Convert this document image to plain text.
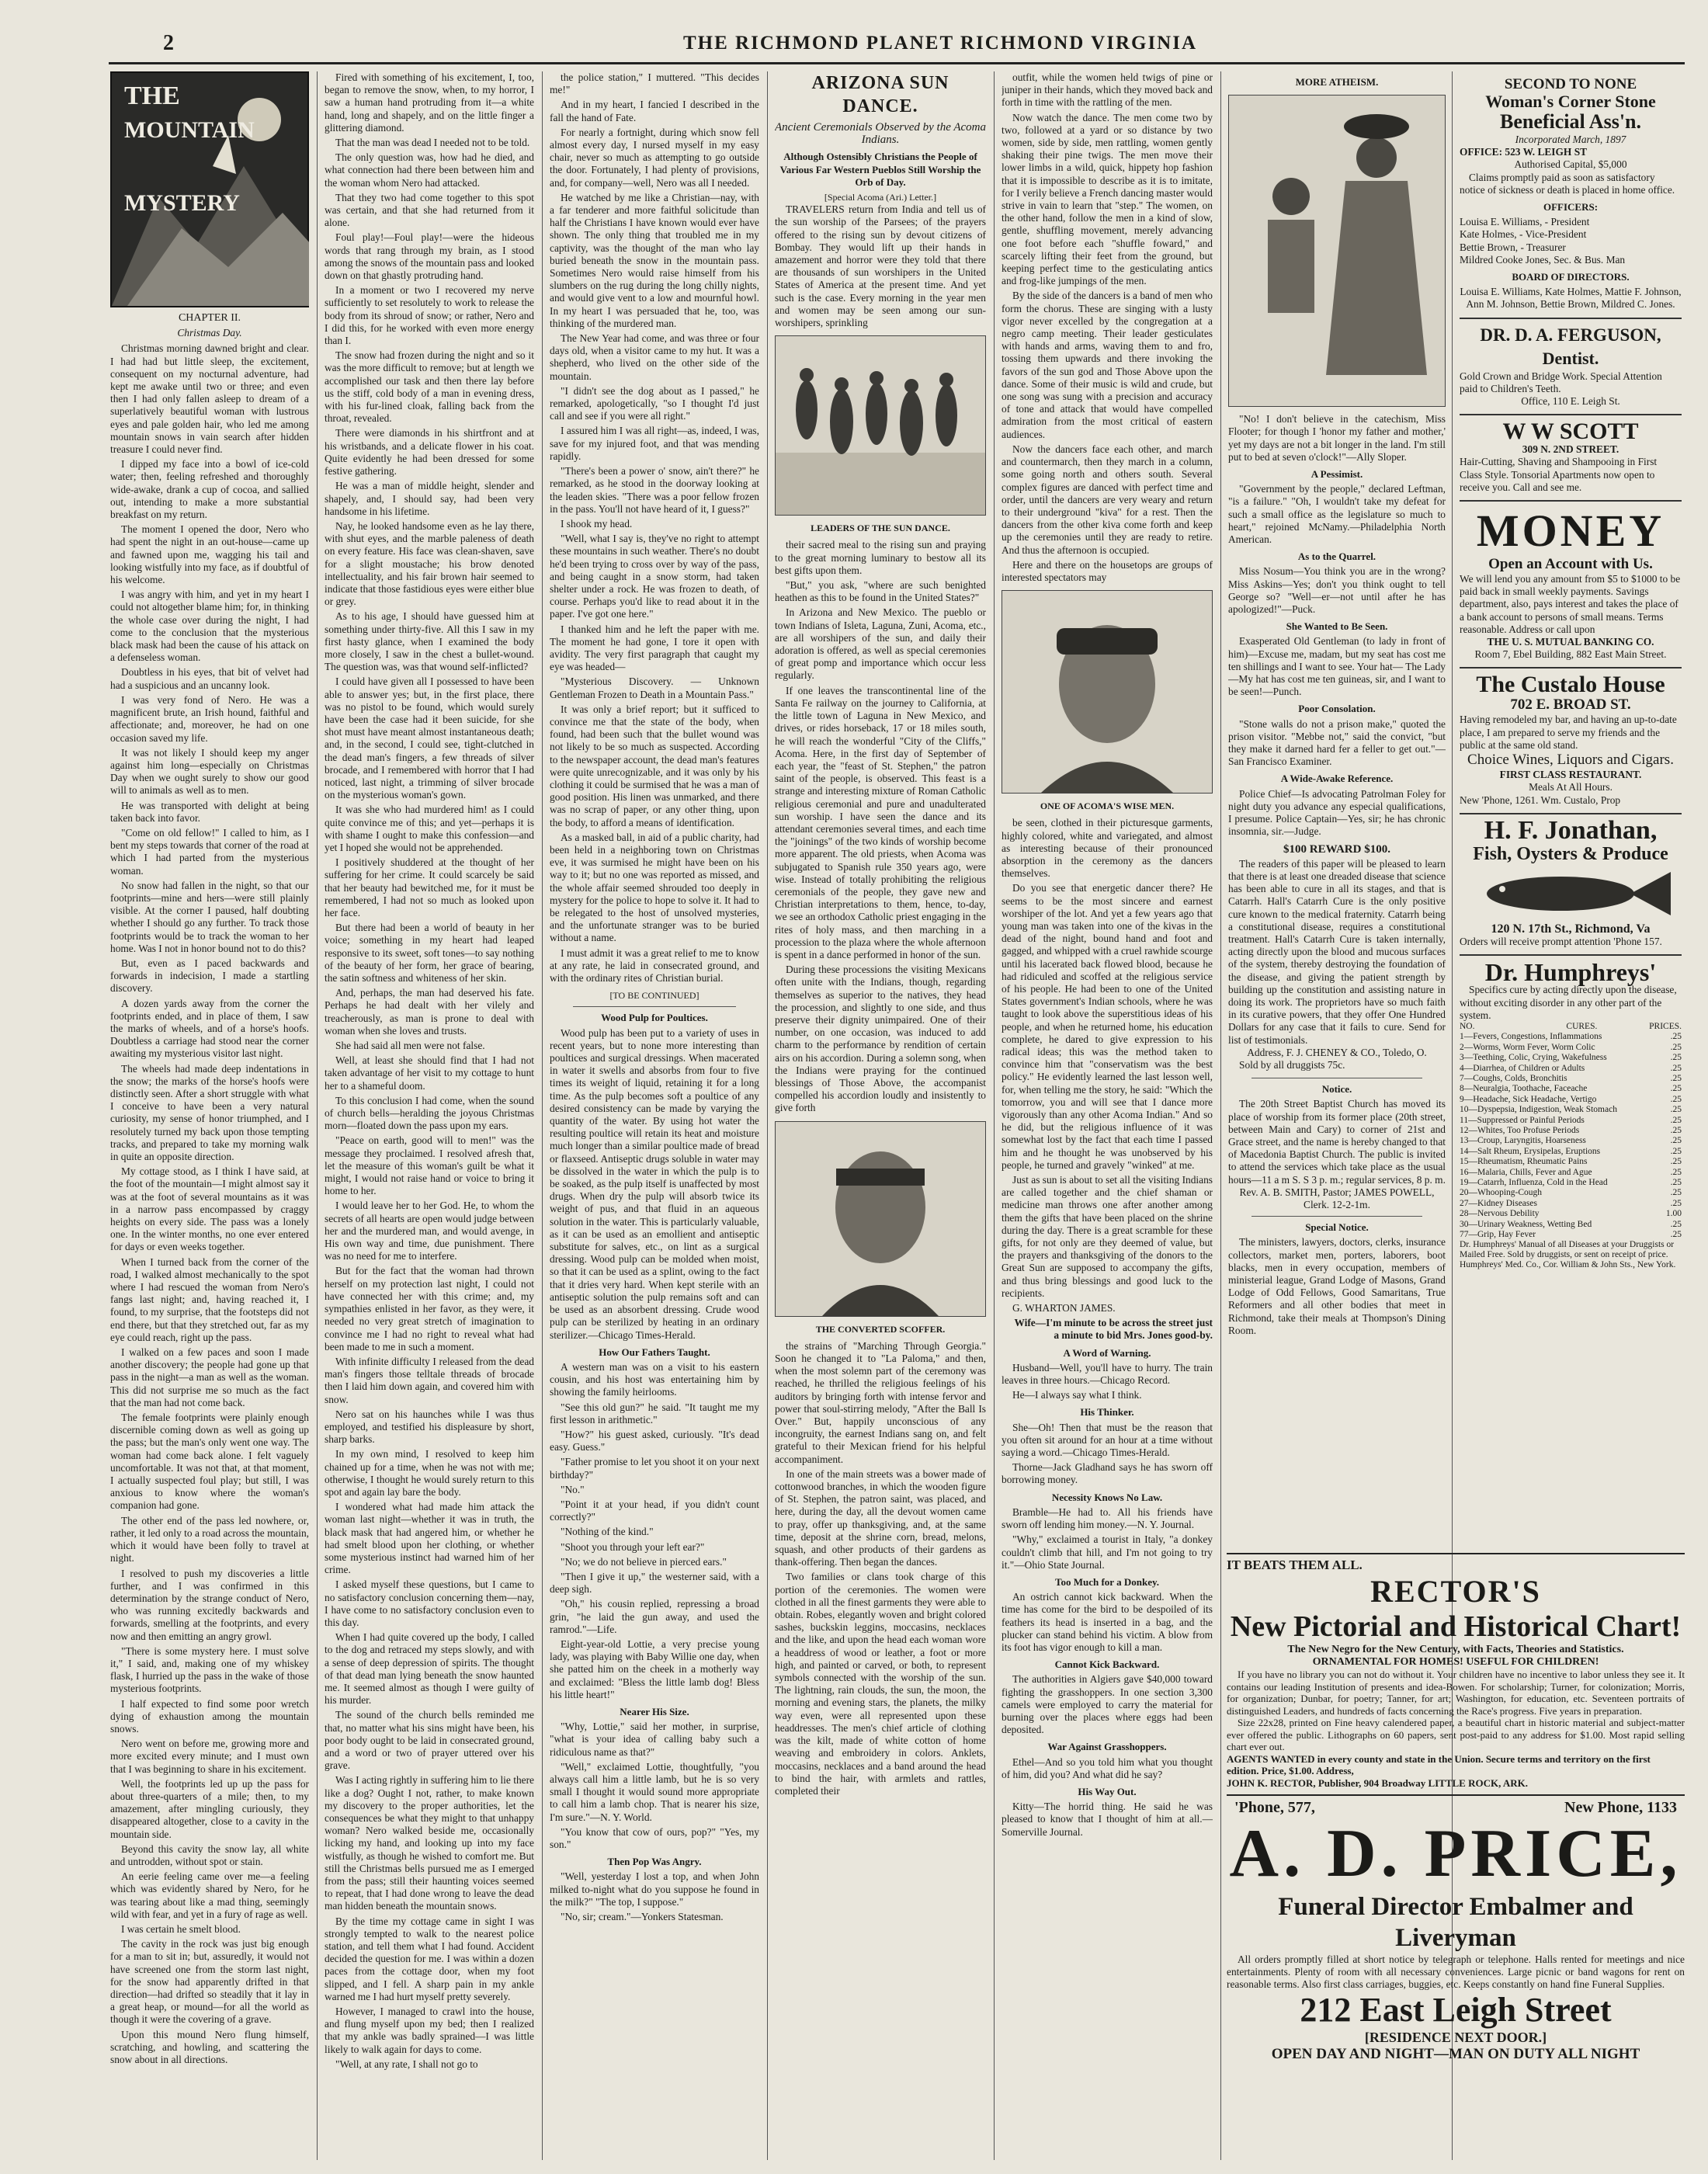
2	THE RICHMOND PLANET RICHMOND VIRGINIA
THE
MOUNTAIN
MYSTERY
CHAPTER II.
Christmas Day.

Christmas morning dawned bright and clear. I had had but little sleep, the excitement, consequent on my nocturnal adventure, had kept me awake until two or three; and even then I had only fallen asleep to dream of a superlatively beautiful woman with lustrous eyes and pale golden hair, who led me among mountain snows in vain search after hidden treasure I could never find.

I dipped my face into a bowl of ice-cold water; then, feeling refreshed and thoroughly wide-awake, drank a cup of cocoa, and sallied out, intending to make a more substantial breakfast on my return.

The moment I opened the door, Nero who had spent the night in an out-house—came up and fawned upon me, wagging his tail and looking wistfully into my face, as if doubtful of his welcome.

I was angry with him, and yet in my heart I could not altogether blame him; for, in thinking the whole case over during the night, I had come to the conclusion that the mysterious black mask had been the cause of his attack on a defenseless woman.

Doubtless in his eyes, that bit of velvet had had a suspicious and an uncanny look.

I was very fond of Nero. He was a magnificent brute, an Irish hound, faithful and affectionate; and, moreover, he had on one occasion saved my life.

It was not likely I should keep my anger against him long—especially on Christmas Day when we ought surely to show our good will to animals as well as to men.

He was transported with delight at being taken back into favor.

"Come on old fellow!" I called to him, as I bent my steps towards that corner of the road at which I had parted from the mysterious woman.

No snow had fallen in the night, so that our footprints—mine and hers—were still plainly visible. At the corner I paused, half doubting whether I should go any further. To track those footprints would be to track the woman to her home. Was I not in honor bound not to do this?

But, even as I paced backwards and forwards in indecision, I made a startling discovery.

A dozen yards away from the corner the footprints ended, and in place of them, I saw the marks of wheels, and of a horse's hoofs. Doubtless a carriage had stood near the corner awaiting my mysterious visitor last night.

The wheels had made deep indentations in the snow; the marks of the horse's hoofs were distinctly seen. After a short struggle with what I conceive to have been a very natural curiosity, my sense of honor triumphed, and I resolutely turned my back upon those tempting tracks, and prepared to take my morning walk in quite an opposite direction.

My cottage stood, as I think I have said, at the foot of the mountain—I might almost say it was at the foot of several mountains as it was in a narrow pass encompassed by craggy heights on every side. The pass was a lonely one. In the winter months, no one ever entered for days or even weeks together.

When I turned back from the corner of the road, I walked almost mechanically to the spot where I had rescued the woman from Nero's fangs last night; and, having reached it, I found, to my surprise, that the footsteps did not end there, but that they stretched out, far as my eye could reach, right up the pass.

I walked on a few paces and soon I made another discovery; the people had gone up that pass in the night—a man as well as the woman. This did not surprise me so much as the fact that the man had not come back.

The female footprints were plainly enough discernible coming down as well as going up the pass; but the man's only went one way. The woman had come back alone. I felt vaguely uncomfortable. It was not that, at that moment, I actually suspected foul play; but still, I was anxious to know where the woman's companion had gone.

The other end of the pass led nowhere, or, rather, it led only to a road across the mountain, which it would have been folly to travel at night.

I resolved to push my discoveries a little further, and I was confirmed in this determination by the strange conduct of Nero, who was running excitedly backwards and forwards, smelling at the footprints, and every now and then emitting an angry growl.

"There is some mystery here. I must solve it," I said, and, making one of my whiskey flask, I hurried up the pass in the wake of those mysterious footprints.

I half expected to find some poor wretch dying of exhaustion among the mountain snows.

Nero went on before me, growing more and more excited every minute; and I must own that I was beginning to share in his excitement.

Well, the footprints led up up the pass for about three-quarters of a mile; then, to my amazement, after mingling curiously, they disappeared altogether, close to a cavity in the mountain side.

Beyond this cavity the snow lay, all white and untrodden, without spot or stain.

An eerie feeling came over me—a feeling which was evidently shared by Nero, for he was tearing about like a mad thing, seemingly wild with fear, and yet in a fury of rage as well.

I was certain he smelt blood.

The cavity in the rock was just big enough for a man to sit in; but, assuredly, it would not have screened one from the storm last night, for the snow had apparently drifted in that direction—had drifted so steadily that it lay in a great heap, or mound—for all the world as though it were the covering of a grave.

Upon this mound Nero flung himself, scratching, and howling, and scattering the snow about in all directions.

Fired with something of his excitement, I, too, began to remove the snow, when, to my horror, I saw a human hand protruding from it—a white hand, long and shapely, and on the little finger a glittering diamond.

That the man was dead I needed not to be told.

The only question was, how had he died, and what connection had there been between him and the woman whom Nero had attacked.

That they two had come together to this spot was certain, and that she had returned from it alone.

Foul play!—Foul play!—were the hideous words that rang through my brain, as I stood among the snows of the mountain pass and looked down on that ghastly protruding hand.

In a moment or two I recovered my nerve sufficiently to set resolutely to work to release the body from its shroud of snow; or rather, Nero and I did this, for he worked with even more energy than I.

The snow had frozen during the night and so it was the more difficult to remove; but at length we accomplished our task and then there lay before us the stiff, cold body of a man in evening dress, with his fur-lined cloak, falling back from the throat, revealed.

There were diamonds in his shirtfront and at his wristbands, and a delicate flower in his coat. Quite evidently he had been dressed for some festive gathering.

He was a man of middle height, slender and shapely, and, I should say, had been very handsome in his lifetime.

Nay, he looked handsome even as he lay there, with shut eyes, and the marble paleness of death on every feature. His face was clean-shaven, save for a slight moustache; his brow denoted intellectuality, and his fair brown hair seemed to indicate that those fastidious eyes were either blue or grey.

As to his age, I should have guessed him at something under thirty-five. All this I saw in my first hasty glance, when I examined the body more closely, I saw in the chest a bullet-wound. The question was, was that wound self-inflicted?

I could have given all I possessed to have been able to answer yes; but, in the first place, there was no pistol to be found, which would surely have been the case had it been suicide, for she shot must have meant almost instantaneous death; and, in the second, I could see, tight-clutched in the dead man's fingers, a few threads of silver brocade, and I remembered with horror that I had noticed, last night, a trimming of silver brocade on the mysterious woman's gown.

It was she who had murdered him! as I could quite convince me of this; and yet—perhaps it is with shame I ought to make this confession—and yet I hoped she would not be apprehended.

I positively shuddered at the thought of her suffering for her crime. It could scarcely be said that her beauty had bewitched me, for it must be remembered, I had not so much as looked upon her face.

But there had been a world of beauty in her voice; something in my heart had leaped responsive to its sweet, soft tones—to say nothing of the beauty of her form, her grace of bearing, the satin softness and whiteness of her skin.

And, perhaps, the man had deserved his fate. Perhaps he had dealt with her vilely and treacherously, as man is prone to deal with woman when she loves and trusts.

She had said all men were not false.

Well, at least she should find that I had not taken advantage of her visit to my cottage to hunt her to a shameful doom.

To this conclusion I had come, when the sound of church bells—heralding the joyous Christmas morn—floated down the pass upon my ears.

"Peace on earth, good will to men!" was the message they proclaimed. I resolved afresh that, let the measure of this woman's guilt be what it might, I would not raise hand or voice to bring it home to her.

I would leave her to her God. He, to whom the secrets of all hearts are open would judge between her and the murdered man, and would avenge, in His own way and time, due punishment. There was no need for me to interfere.

But for the fact that the woman had thrown herself on my protection last night, I could not have connected her with this crime; and, my sympathies enlisted in her favor, as they were, it needed no very great stretch of imagination to convince me I had no right to reveal what had been made to me in such a moment.

With infinite difficulty I released from the dead man's fingers those telltale threads of brocade then I laid him down again, and covered him with snow.

Nero sat on his haunches while I was thus employed, and testified his displeasure by short, sharp barks.

In my own mind, I resolved to keep him chained up for a time, when he was not with me; otherwise, I thought he would surely return to this spot and again lay bare the body.

I wondered what had made him attack the woman last night—whether it was in truth, the black mask that had angered him, or whether he had smelt blood upon her clothing, or whether some mysterious instinct had warned him of her crime.

I asked myself these questions, but I came to no satisfactory conclusion concerning them—nay, I have come to no satisfactory conclusion even to this day.

When I had quite covered up the body, I called to the dog and retraced my steps slowly, and with a sense of deep depression of spirits. The thought of that dead man lying beneath the snow haunted me. It seemed almost as though I were guilty of his murder.

The sound of the church bells reminded me that, no matter what his sins might have been, his poor body ought to be laid in consecrated ground, and a word or two of prayer uttered over his grave.

Was I acting rightly in suffering him to lie there like a dog? Ought I not, rather, to make known my discovery to the proper authorities, let the consequences be what they might to that unhappy woman? Nero walked beside me, occasionally licking my hand, and looking up into my face wistfully, as though he wished to comfort me. But still the Christmas bells pursued me as I emerged from the pass; still their haunting voices seemed to repeat, that I had done wrong to leave the dead man hidden beneath the mountain snows.

By the time my cottage came in sight I was strongly tempted to walk to the nearest police station, and tell them what I had found. Accident decided the question for me. I was within a dozen paces from the cottage door, when my foot slipped, and I fell. A sharp pain in my ankle warned me I had hurt myself pretty severely.

However, I managed to crawl into the house, and flung myself upon my bed; then I realized that my ankle was badly sprained—I was little likely to walk again for days to come.

"Well, at any rate, I shall not go to

the police station," I muttered. "This decides me!"

And in my heart, I fancied I described in the fall the hand of Fate.

For nearly a fortnight, during which snow fell almost every day, I nursed myself in my easy chair, never so much as attempting to go outside the door. Fortunately, I had plenty of provisions, and, for company—well, Nero was all I needed.

He watched by me like a Christian—nay, with a far tenderer and more faithful solicitude than half the Christians I have known would ever have shown. The only thing that troubled me in my captivity, was the thought of the man who lay buried beneath the snow in the mountain pass. Sometimes Nero would raise himself from his slumbers on the rug during the long chilly nights, and would give vent to a low and mournful howl. In my heart I was persuaded that he, too, was thinking of the murdered man.

The New Year had come, and was three or four days old, when a visitor came to my hut. It was a shepherd, who lived on the other side of the mountain.

"I didn't see the dog about as I passed," he remarked, apologetically, "so I thought I'd just call and see if you were all right."

I assured him I was all right—as, indeed, I was, save for my injured foot, and that was mending rapidly.

"There's been a power o' snow, ain't there?" he remarked, as he stood in the doorway looking at the leaden skies. "There was a poor fellow frozen in the pass. You'll not have heard of it, I guess?"

I shook my head.

"Well, what I say is, they've no right to attempt these mountains in such weather. There's no doubt he'd been trying to cross over by way of the pass, and being caught in a snow storm, had taken shelter under a rock. He was frozen to death, of course. Perhaps you'd like to read about it in the paper. I've got one here."

I thanked him and he left the paper with me. The moment he had gone, I tore it open with avidity. The very first paragraph that caught my eye was headed—

"Mysterious Discovery. — Unknown Gentleman Frozen to Death in a Mountain Pass."

It was only a brief report; but it sufficed to convince me that the state of the body, when found, had been such that the bullet wound was not likely to be so much as suspected. According to the newspaper account, the dead man's features were quite unrecognizable, and it was only by his clothing it could be surmised that he was a man of good position. His linen was unmarked, and there was no scrap of paper, or any other thing, upon the body, to afford a means of identification.

As a masked ball, in aid of a public charity, had been held in a neighboring town on Christmas eve, it was surmised he might have been on his way to it; but no one was reported as missed, and the whole affair seemed shrouded too deeply in mystery for the police to hope to solve it. It had to be relegated to the host of unsolved mysteries, and the unfortunate stranger was to be buried without a name.

I must admit it was a great relief to me to know at any rate, he laid in consecrated ground, and with the ordinary rites of Christian burial.

[TO BE CONTINUED]
Wood Pulp for Poultices.

Wood pulp has been put to a variety of uses in recent years, but to none more interesting than poultices and surgical dressings. When macerated in water it swells and absorbs from four to five times its weight of liquid, retaining it for a long time. As the pulp becomes soft a poultice of any desired consistency can be made by varying the quantity of the water. By using hot water the resulting poultice will retain its heat and moisture much longer than a similar poultice made of bread or flaxseed. Antiseptic drugs soluble in water may be dissolved in the water in which the pulp is to be soaked, as the pulp itself is unaffected by most drugs. When dry the pulp will absorb twice its weight of pus, and that fluid in an aqueous solution in the water. This is particularly valuable, as it can be used as an emollient and antiseptic substitute for salves, etc., on lint as a surgical dressing. Wood pulp can be molded when moist, so that it can be used as a splint, owing to the fact that it dries very hard. When kept sterile with an antiseptic solution the pulp remains soft and can be used as an absorbent dressing. Crude wood pulp can be sterilized by heating in an ordinary sterilizer.—Chicago Times-Herald.

How Our Fathers Taught.

A western man was on a visit to his eastern cousin, and his host was entertaining him by showing the family heirlooms.

"See this old gun?" he said. "It taught me my first lesson in arithmetic."

"How?" his guest asked, curiously. "It's dead easy. Guess."

"Father promise to let you shoot it on your next birthday?"

"No."

"Point it at your head, if you didn't count correctly?"

"Nothing of the kind."

"Shoot you through your left ear?"

"No; we do not believe in pierced ears."

"Then I give it up," the westerner said, with a deep sigh.

"Oh," his cousin replied, repressing a broad grin, "he laid the gun away, and used the ramrod."—Life.

Eight-year-old Lottie, a very precise young lady, was playing with Baby Willie one day, when she patted him on the cheek in a motherly way and exclaimed: "Bless the little lamb dog! Bless his little heart!"

Nearer His Size.

"Why, Lottie," said her mother, in surprise, "what is your idea of calling baby such a ridiculous name as that?"

"Well," exclaimed Lottie, thoughtfully, "you always call him a little lamb, but he is so very small I thought it would sound more appropriate to call him a lamb chop. That is nearer his size, I'm sure."—N. Y. World.

"You know that cow of ours, pop?" "Yes, my son."

Then Pop Was Angry.

"Well, yesterday I lost a top, and when John milked to-night what do you suppose he found in the milk?" "The top, I suppose."

"No, sir; cream."—Yonkers Statesman.

ARIZONA SUN DANCE.
Ancient Ceremonials Observed by the Acoma Indians.
Although Ostensibly Christians the People of Various Far Western Pueblos Still Worship the Orb of Day.
[Special Acoma (Ari.) Letter.]

TRAVELERS return from India and tell us of the sun worship of the Parsees; of the prayers offered to the rising sun by devout citizens of Bombay. They would lift up their hands in amazement and horror were they told that there are thousands of sun worshipers in the United States of America at the present time. And yet such is the case. Every morning in the year men and women may be seen among our sun-worshipers, sprinkling

LEADERS OF THE SUN DANCE.

their sacred meal to the rising sun and praying to the great morning luminary to bestow all its best gifts upon them.

"But," you ask, "where are such benighted heathen as this to be found in the United States?"

In Arizona and New Mexico. The pueblo or town Indians of Isleta, Laguna, Zuni, Acoma, etc., are all worshipers of the sun, and daily their adoration is offered, as well as special ceremonies of great pomp and importance which occur less regularly.

If one leaves the transcontinental line of the Santa Fe railway on the journey to California, at the little town of Laguna in New Mexico, and drives, or rides horseback, 17 or 18 miles south, he will reach the wonderful "City of the Cliffs," Acoma. Here, in the first day of September of each year, the "feast of St. Stephen," the patron saint of the people, is observed. This feast is a strange and interesting mixture of Roman Catholic religious ceremonial and pure and unadulterated sun worship. I have seen the dance and its attendant ceremonies several times, and each time the "joinings" of the two kinds of worship become more apparent. The old priests, when Acoma was subjugated to Spanish rule 350 years ago, were wise. Instead of totally prohibiting the religious ceremonials of the people, they gave new and Christian interpretations to them, hence, to-day, we see an orthodox Catholic priest engaging in the rites of holy mass, and then marching in a procession to the plaza where the whole afternoon is spent in a dance performed in honor of the sun.

During these processions the visiting Mexicans often unite with the Indians, though, regarding themselves as superior to the natives, they head the procession, and slightly to one side, and thus preserve their dignity unimpaired. One of their number, on one occasion, was induced to add charm to the performance by rendition of certain airs on his accordion. During a solemn song, when the Indians were praying for the continued blessings of Those Above, the accompanist compelled his accordion loudly and insistently to give forth

THE CONVERTED SCOFFER.

the strains of "Marching Through Georgia." Soon he changed it to "La Paloma," and then, when the most solemn part of the ceremony was reached, he thrilled the religious feelings of his auditors by bringing forth with intense fervor and power that soul-stirring melody, "After the Ball Is Over." But, happily unconscious of any incongruity, the earnest Indians sang on, and felt grateful to their Mexican friend for his helpful accompaniment.

In one of the main streets was a bower made of cottonwood branches, in which the wooden figure of St. Stephen, the patron saint, was placed, and here, during the day, all the devout women came to pray, offer up thanksgiving, and, at the same time, deposit at the shrine corn, bread, melons, squash, and other products of their gardens as thank-offering. Then began the dances.

Two families or clans took charge of this portion of the ceremonies. The women were clothed in all the finest garments they were able to obtain. Robes, elegantly woven and bright colored sashes, buckskin leggins, moccasins, necklaces and the like, and upon the head each woman wore a headdress of wood or leather, a foot or more high, and painted or carved, or both, to represent symbols connected with the worship of the sun. The lightning, rain clouds, the sun, the moon, the morning and evening stars, the planets, the milky way even, were all represented upon these headdresses. The men's chief article of clothing was the kilt, made of white cotton of home weaving and embroidery in colors. Anklets, moccasins, necklaces and a band around the head to bind the hair, with armlets and rattles, completed their

outfit, while the women held twigs of pine or juniper in their hands, which they moved back and forth in time with the rattling of the men.

Now watch the dance. The men come two by two, followed at a yard or so distance by two women, side by side, men rattling, women gently shaking their pine twigs. The men move their lower limbs in a wild, quick, hippety hop fashion that it is impossible to describe as it is to imitate, for I verily believe a French dancing master would strive in vain to learn that "step." The women, on the other hand, follow the men in a kind of slow, gentle, shuffling movement, merely advancing one foot before each "shuffle foward," and scarcely lifting their feet from the ground, but keeping perfect time to the gesticulating antics and frog-like jumpings of the men.

By the side of the dancers is a band of men who form the chorus. These are singing with a lusty vigor never excelled by the congregation at a negro camp meeting. Their leader gesticulates with hands and arms, waving them to and fro, tossing them upwards and there invoking the favors of the sun god and Those Above upon the dance. Some of their music is wild and crude, but one song was sung with a precision and accuracy of tone and attack that would have compelled admiration from the most critical of eastern audiences.

Now the dancers face each other, and march and countermarch, then they march in a column, some going north and others south. Several complex figures are danced with perfect time and order, until the dancers are very weary and return to their underground "kiva" for a rest. Then the dancers from the other kiva come forth and keep up the ceremonies until they are ready to retire. And thus the afternoon is occupied.

Here and there on the housetops are groups of interested spectators may

ONE OF ACOMA'S WISE MEN.

be seen, clothed in their picturesque garments, highly colored, white and variegated, and almost as interesting because of their pronounced absorption in the ceremony as the dancers themselves.

Do you see that energetic dancer there? He seems to be the most sincere and earnest worshiper of the lot. And yet a few years ago that young man was taken into one of the kivas in the dead of the night, bound hand and foot and gagged, and whipped with a cruel rawhide scourge until his lacerated back flowed blood, because he had ridiculed and scoffed at the religious service of his people. He had been to one of the United States government's Indian schools, where he was taught to look above the superstitious ideas of his people, and when he returned home, his education complete, he dared to give expression to his radical ideas; this was the method taken to convince him that "conservatism was the best policy." He evidently learned the last lesson well, for, when telling me the story, he said: "Which the tomorrow, you and will see that I dance more vigorously than any other Acoma Indian." And so he did, but the religious influence of it was somewhat lost by the fact that each time I passed him and he thought he was unobserved by his people, he turned and gravely "winked" at me.

Just as sun is about to set all the visiting Indians are called together and the chief shaman or medicine man throws one after another among them the gifts that have been placed on the shrine during the day. There is a great scramble for these gifts, for not only are they deemed of value, but the prayers and thanksgiving of the donors to the Great Sun are supposed to accompany the gifts, and thus bring blessings and good luck to the recipients.

G. WHARTON JAMES.

Wife—I'm minute to be across the street just a minute to bid Mrs. Jones good-by.

A Word of Warning.

Husband—Well, you'll have to hurry. The train leaves in three hours.—Chicago Record.

He—I always say what I think.

His Thinker.

She—Oh! Then that must be the reason that you often sit around for an hour at a time without saying a word.—Chicago Times-Herald.

Thorne—Jack Gladhand says he has sworn off borrowing money.

Necessity Knows No Law.

Bramble—He had to. All his friends have sworn off lending him money.—N. Y. Journal.

"Why," exclaimed a tourist in Italy, "a donkey couldn't climb that hill, and I'm not going to try it."—Ohio State Journal.

Too Much for a Donkey.

An ostrich cannot kick backward. When the time has come for the bird to be despoiled of its feathers its head is inserted in a bag, and the plucker can stand behind his victim. A blow from its foot has vigor enough to kill a man.

Cannot Kick Backward.

The authorities in Algiers gave $40,000 toward fighting the grasshoppers. In one section 3,300 camels were employed to carry the material for burning over the places where eggs had been deposited.

War Against Grasshoppers.

Ethel—And so you told him what you thought of him, did you? And what did he say?

His Way Out.

Kitty—The horrid thing. He said he was pleased to know that I thought of him at all.—Somerville Journal.

MORE ATHEISM.
"No! I don't believe in the catechism, Miss Flooter; for though I 'honor my father and mother,' yet my days are not a bit longer in the land. I'm still put to bed at seven o'clock!"—Ally Sloper.
A Pessimist.

"Government by the people," declared Leftman, "is a failure." "Oh, I wouldn't take my defeat for such a small office as the legislature so much to heart," rejoined McNamy.—Philadelphia North American.

As to the Quarrel.

Miss Nosum—You think you are in the wrong? Miss Askins—Yes; don't you think ought to tell George so? "Well—er—not until after he has apologized!"—Puck.

She Wanted to Be Seen.

Exasperated Old Gentleman (to lady in front of him)—Excuse me, madam, but my seat has cost me ten shillings and I want to see. Your hat— The Lady—My hat has cost me ten guineas, sir, and I want to be seen!—Punch.

Poor Consolation.

"Stone walls do not a prison make," quoted the prison visitor. "Mebbe not," said the convict, "but they make it darned hard fer a feller to get out."—San Francisco Examiner.

A Wide-Awake Reference.

Police Chief—Is advocating Patrolman Foley for night duty you advance any especial qualifications, I presume. Police Captain—Yes, sir; he has chronic insomnia, sir.—Judge.

$100 REWARD $100.
The readers of this paper will be pleased to learn that there is at least one dreaded disease that science has been able to cure in all its stages, and that is Catarrh. Hall's Catarrh Cure is the only positive cure known to the medical fraternity. Catarrh being a constitutional disease, requires a constitutional treatment. Hall's Catarrh Cure is taken internally, acting directly upon the blood and mucous surfaces of the system, thereby destroying the foundation of the disease, and giving the patient strength by building up the constitution and assisting nature in doing its work. The proprietors have so much faith in its curative powers, that they offer One Hundred Dollars for any case that it fails to cure. Send for list of testimonials.
Address, F. J. CHENEY & CO., Toledo, O.
Sold by all druggists 75c.
Notice.
The 20th Street Baptist Church has moved its place of worship from its former place (20th street, between Main and Cary) to corner of 21st and Grace street, and the name is hereby changed to that of Macedonia Baptist Church. The public is invited to attend the services which take place as the usual hours—11 a m S. S 3 p. m.; regular services, 8 p. m.
Rev. A. B. SMITH, Pastor; JAMES POWELL, Clerk. 12-2-1m.
Special Notice.
The ministers, lawyers, doctors, clerks, insurance collectors, market men, porters, laborers, boot blacks, men in every occupation, members of ministerial league, Grand Lodge of Masons, Grand Lodge of Odd Fellows, Good Samaritans, True Reformers and all other bodies that meet in Richmond, take their meals at Thompson's Dining Room.
SECOND TO NONE
Woman's Corner Stone
Beneficial Ass'n.
Incorporated March, 1897
OFFICE: 523 W. LEIGH ST
Authorised Capital, $5,000
Claims promptly paid as soon as satisfactory notice of sickness or death is placed in home office.
OFFICERS:
Louisa E. Williams, - President
Kate Holmes, - Vice-President
Bettie Brown, - Treasurer
Mildred Cooke Jones, Sec. & Bus. Man
BOARD OF DIRECTORS.
Louisa E. Williams, Kate Holmes, Mattie F. Johnson, Ann M. Johnson, Bettie Brown, Mildred C. Jones.
DR. D. A. FERGUSON,
Dentist.
Gold Crown and Bridge Work. Special Attention paid to Children's Teeth.
Office, 110 E. Leigh St.
W W SCOTT
309 N. 2ND STREET.
Hair-Cutting, Shaving and Shampooing in First Class Style. Tonsorial Apartments now open to receive you. Call and see me.
MONEY
Open an Account with Us.
We will lend you any amount from $5 to $1000 to be paid back in small weekly payments. Savings department, also, pays interest and takes the place of a bank account to persons of small means. Terms reasonable. Address or call upon
THE U. S. MUTUAL BANKING CO.
Room 7, Ebel Building, 882 East Main Street.
The Custalo House
702 E. BROAD ST.
Having remodeled my bar, and having an up-to-date place, I am prepared to serve my friends and the public at the same old stand.
Choice Wines, Liquors and Cigars.
FIRST CLASS RESTAURANT.
Meals At All Hours.
New 'Phone, 1261. Wm. Custalo, Prop
H. F. Jonathan,
Fish, Oysters & Produce
120 N. 17th St., Richmond, Va
Orders will receive prompt attention 'Phone 157.
Dr. Humphreys'
Specifics cure by acting directly upon the disease, without exciting disorder in any other part of the system.
NO.	CURES.	PRICES.
1—Fevers, Congestions, Inflammations		.25
2—Worms, Worm Fever, Worm Colic		.25
3—Teething, Colic, Crying, Wakefulness		.25
4—Diarrhea, of Children or Adults		.25
7—Coughs, Colds, Bronchitis		.25
8—Neuralgia, Toothache, Faceache		.25
9—Headache, Sick Headache, Vertigo		.25
10—Dyspepsia, Indigestion, Weak Stomach		.25
11—Suppressed or Painful Periods		.25
12—Whites, Too Profuse Periods		.25
13—Croup, Laryngitis, Hoarseness		.25
14—Salt Rheum, Erysipelas, Eruptions		.25
15—Rheumatism, Rheumatic Pains		.25
16—Malaria, Chills, Fever and Ague		.25
19—Catarrh, Influenza, Cold in the Head		.25
20—Whooping-Cough		.25
27—Kidney Diseases		.25
28—Nervous Debility		1.00
30—Urinary Weakness, Wetting Bed		.25
77—Grip, Hay Fever		.25
Dr. Humphreys' Manual of all Diseases at your Druggists or Mailed Free. Sold by druggists, or sent on receipt of price. Humphreys' Med. Co., Cor. William & John Sts., New York.
IT BEATS THEM ALL.
RECTOR'S
New Pictorial and Historical Chart!
The New Negro for the New Century, with Facts, Theories and Statistics.
ORNAMENTAL FOR HOMES! USEFUL FOR CHILDREN!
If you have no library you can not do without it. Your children have no incentive to labor unless they see it. It contains our leading Institution of presents and idea-Bowen. For scholarship; Turner, for colonization; Morris, for organization; Dunbar, for poetry; Tanner, for art; Washington, for education, etc. Seventeen portraits of distinguished Leaders, and hundreds of facts concerning the Race's progress. Five years in preparation.
Size 22x28, printed on Fine heavy calendered paper, a beautiful chart in historic material and subject-matter ever offered the public. Lithographs on 60 papers, sent post-paid to any address for $1.00. Most rapid selling chart ever out.
AGENTS WANTED in every county and state in the Union. Secure terms and territory on the first edition. Price, $1.00. Address,
JOHN K. RECTOR, Publisher, 904 Broadway LITTLE ROCK, ARK.
'Phone, 577,	New Phone, 1133
A. D. PRICE,
Funeral Director Embalmer and Liveryman
All orders promptly filled at short notice by telegraph or telephone. Halls rented for meetings and nice entertainments. Plenty of room with all necessary conveniences. Large picnic or band wagons for rent on reasonable terms. Also first class carriages, buggies, etc. Keeps constantly on hand fine Funeral Supplies.
212 East Leigh Street
[RESIDENCE NEXT DOOR.]
OPEN DAY AND NIGHT—MAN ON DUTY ALL NIGHT
